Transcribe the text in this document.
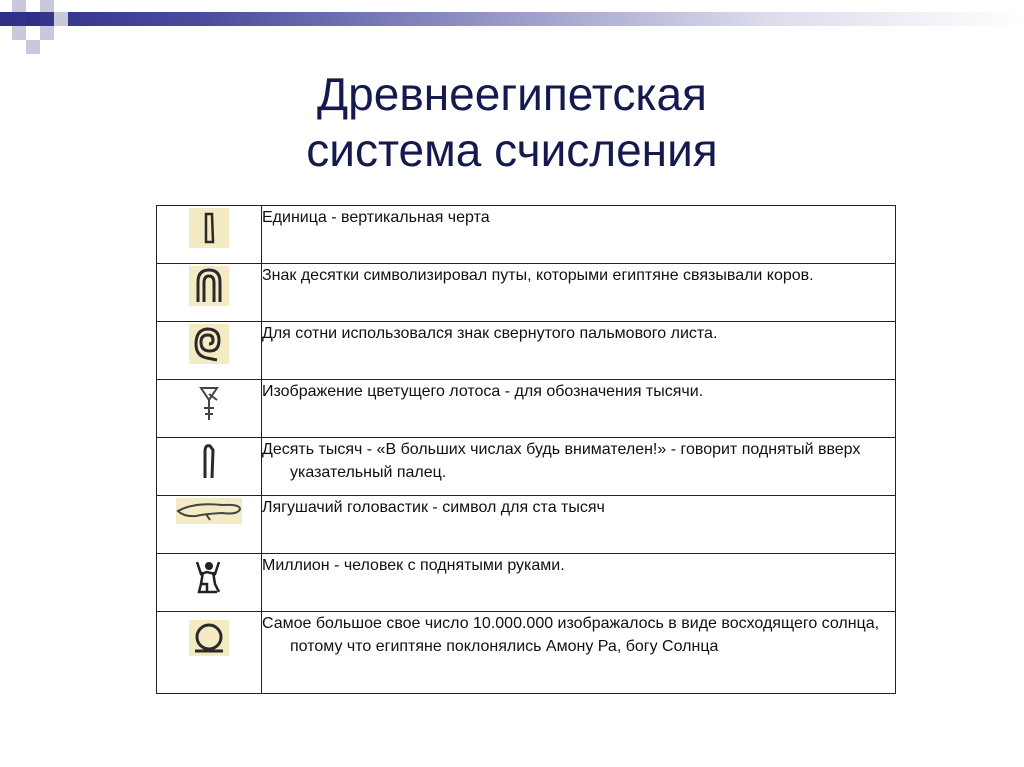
Древнеегипетская
система счисления

Единица - вертикальная черта

Знак десятки символизировал путы, которыми египтяне связывали коров.

Для сотни использовался знак свернутого пальмового листа.

Изображение цветущего лотоса - для обозначения тысячи.

Десять тысяч - «В больших числах будь внимателен!» - говорит поднятый вверх указательный палец.

Лягушачий головастик - символ для ста тысяч

Миллион - человек с поднятыми руками.

Самое большое свое число 10.000.000 изображалось в виде восходящего солнца, потому что египтяне поклонялись Амону Ра, богу Солнца
